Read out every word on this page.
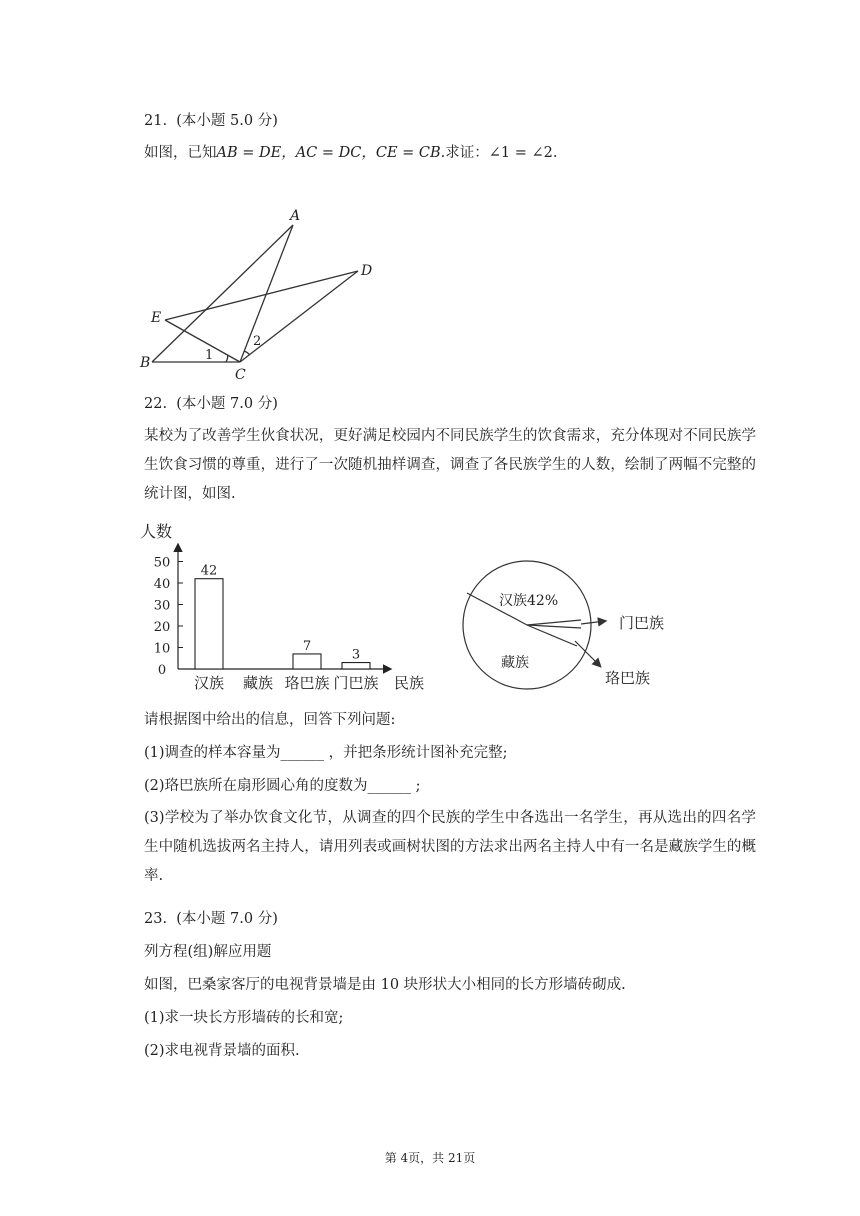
21.  (本小题 5.0 分)
如图，已知AB = DE，AC = DC，CE = CB.求证：∠1 = ∠2.
A
D
E
B
C
1
2
22.  (本小题 7.0 分)
某校为了改善学生伙食状况，更好满足校园内不同民族学生的饮食需求，充分体现对不同民族学生饮食习惯的尊重，进行了一次随机抽样调查，调查了各民族学生的人数，绘制了两幅不完整的统计图，如图.
人数
0
10
20
30
40
50
42
7
3
汉族 藏族 珞巴族 门巴族 民族
汉族42%
藏族
门巴族
珞巴族
请根据图中给出的信息，回答下列问题:
(1)调查的样本容量为______ ，并把条形统计图补充完整;
(2)珞巴族所在扇形圆心角的度数为______ ;
(3)学校为了举办饮食文化节，从调查的四个民族的学生中各选出一名学生，再从选出的四名学生中随机选拔两名主持人，请用列表或画树状图的方法求出两名主持人中有一名是藏族学生的概率.
23.  (本小题 7.0 分)
列方程(组)解应用题
如图，巴桑家客厅的电视背景墙是由 10 块形状大小相同的长方形墙砖砌成.
(1)求一块长方形墙砖的长和宽;
(2)求电视背景墙的面积.
第 4页，共 21页
